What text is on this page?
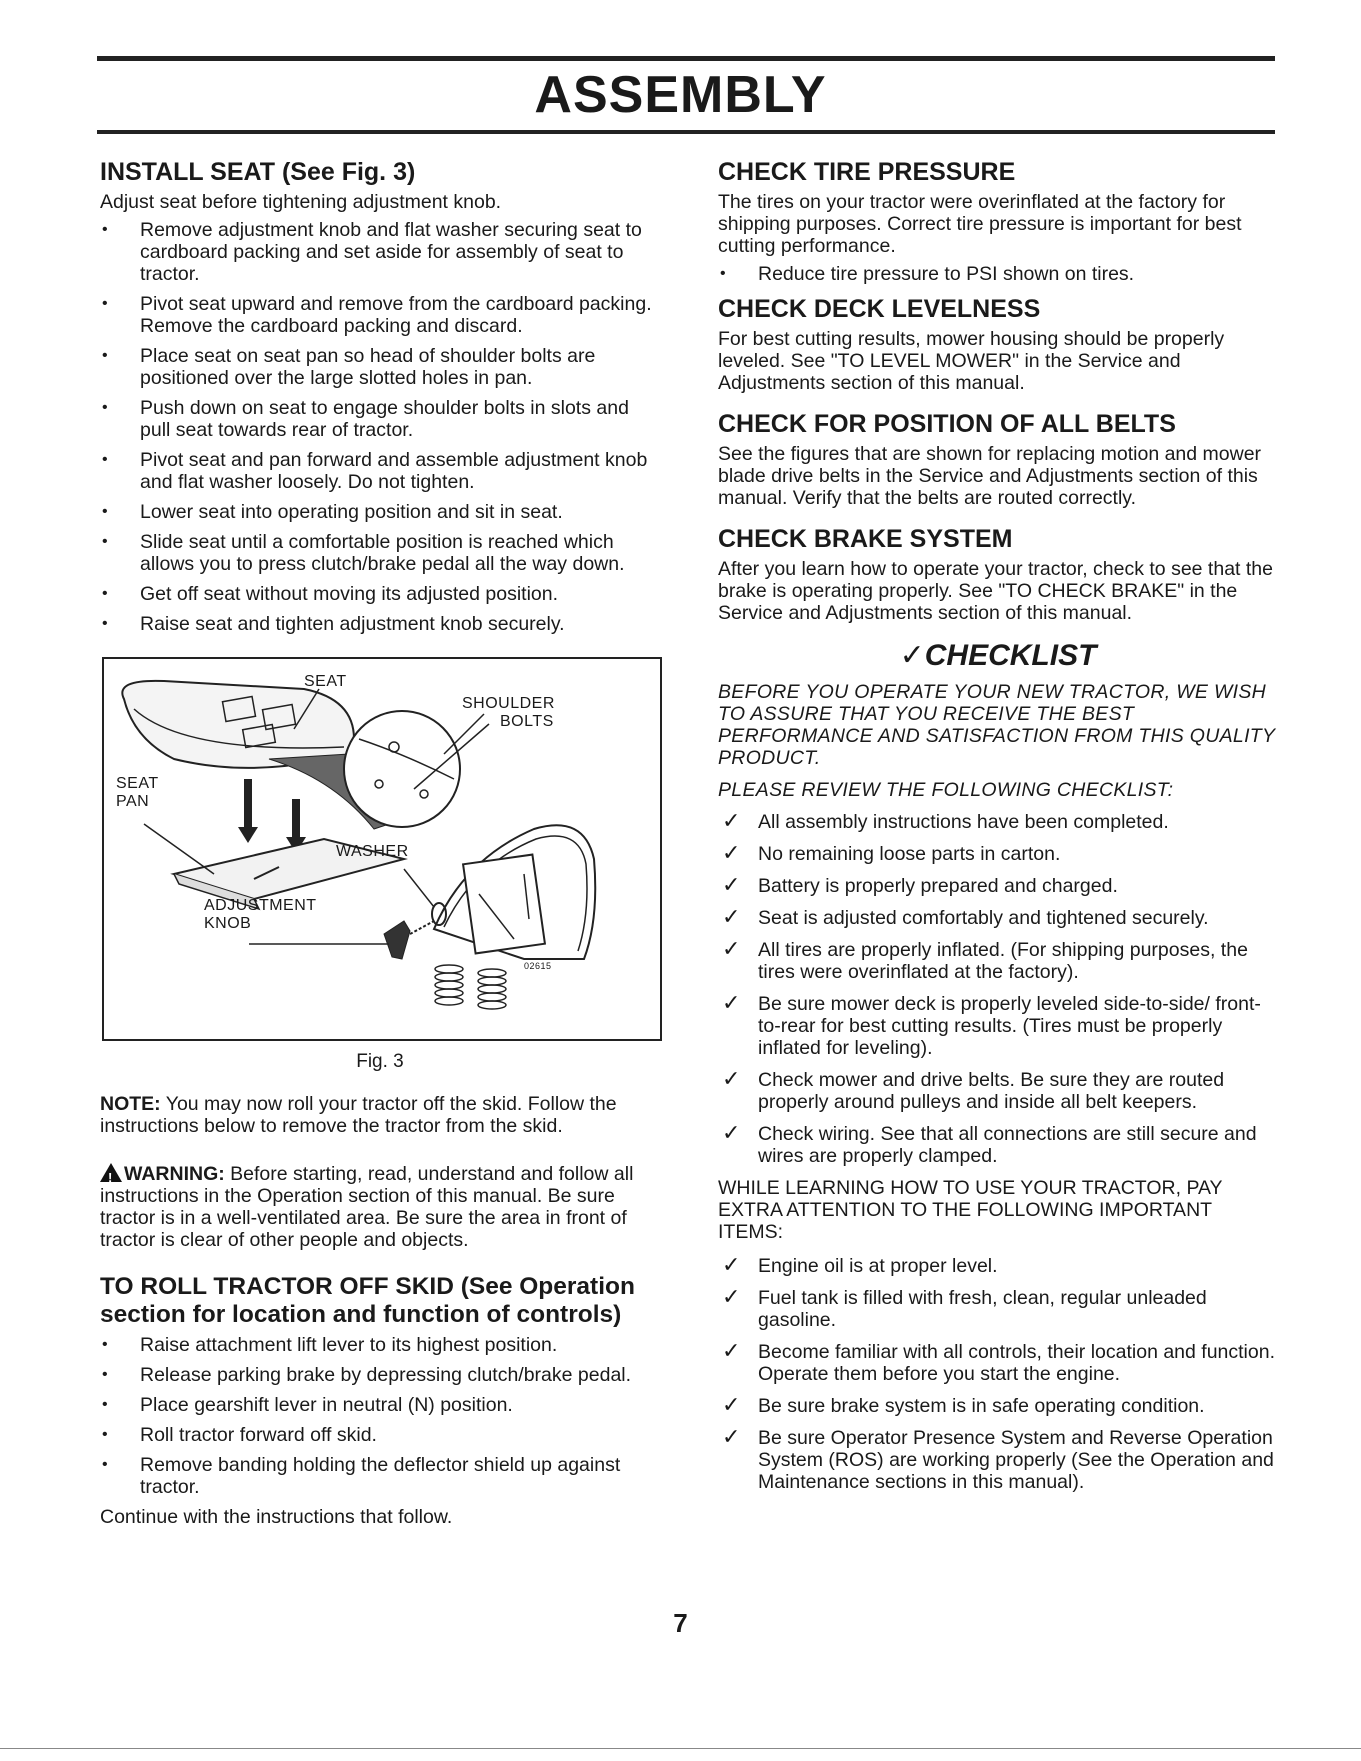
ASSEMBLY
INSTALL SEAT (See Fig. 3)

Adjust seat before tightening adjustment knob.

• Remove adjustment knob and flat washer securing seat to cardboard packing and set aside for assembly of seat to tractor.
• Pivot seat upward and remove from the cardboard packing. Remove the cardboard packing and discard.
• Place seat on seat pan so head of shoulder bolts are positioned over the large slotted holes in pan.
• Push down on seat to engage shoulder bolts in slots and pull seat towards rear of tractor.
• Pivot seat and pan forward and assemble adjustment knob and flat washer loosely. Do not tighten.
• Lower seat into operating position and sit in seat.
• Slide seat until a comfortable position is reached which allows you to press clutch/brake pedal all the way down.
• Get off seat without moving its adjusted position.
• Raise seat and tighten adjustment knob securely.
SEAT
SHOULDER
BOLTS
SEAT
PAN
WASHER
ADJUSTMENT
KNOB
02615
Fig. 3

NOTE: You may now roll your tractor off the skid. Follow the instructions below to remove the tractor from the skid.

! WARNING: Before starting, read, understand and follow all instructions in the Operation section of this manual. Be sure tractor is in a well-ventilated area. Be sure the area in front of tractor is clear of other people and objects.

TO ROLL TRACTOR OFF SKID (See Operation section for location and function of controls)
• Raise attachment lift lever to its highest position.
• Release parking brake by depressing clutch/brake pedal.
• Place gearshift lever in neutral (N) position.
• Roll tractor forward off skid.
• Remove banding holding the deflector shield up against tractor.

Continue with the instructions that follow.

CHECK TIRE PRESSURE

The tires on your tractor were overinflated at the factory for shipping purposes. Correct tire pressure is important for best cutting performance.

• Reduce tire pressure to PSI shown on tires.
CHECK DECK LEVELNESS

For best cutting results, mower housing should be properly leveled. See "TO LEVEL MOWER" in the Service and Adjustments section of this manual.

CHECK FOR POSITION OF ALL BELTS

See the figures that are shown for replacing motion and mower blade drive belts in the Service and Adjustments section of this manual. Verify that the belts are routed correctly.

CHECK BRAKE SYSTEM

After you learn how to operate your tractor, check to see that the brake is operating properly. See "TO CHECK BRAKE" in the Service and Adjustments section of this manual.

✓CHECKLIST

BEFORE YOU OPERATE YOUR NEW TRACTOR, WE WISH TO ASSURE THAT YOU RECEIVE THE BEST PERFORMANCE AND SATISFACTION FROM THIS QUALITY PRODUCT.

PLEASE REVIEW THE FOLLOWING CHECKLIST:

✓ All assembly instructions have been completed.
✓ No remaining loose parts in carton.
✓ Battery is properly prepared and charged.
✓ Seat is adjusted comfortably and tightened securely.
✓ All tires are properly inflated. (For shipping purposes, the tires were overinflated at the factory).
✓ Be sure mower deck is properly leveled side-to-side/ front-to-rear for best cutting results. (Tires must be properly inflated for leveling).
✓ Check mower and drive belts. Be sure they are routed properly around pulleys and inside all belt keepers.
✓ Check wiring. See that all connections are still secure and wires are properly clamped.

WHILE LEARNING HOW TO USE YOUR TRACTOR, PAY EXTRA ATTENTION TO THE FOLLOWING IMPORTANT ITEMS:

✓ Engine oil is at proper level.
✓ Fuel tank is filled with fresh, clean, regular unleaded gasoline.
✓ Become familiar with all controls, their location and function. Operate them before you start the engine.
✓ Be sure brake system is in safe operating condition.
✓ Be sure Operator Presence System and Reverse Operation System (ROS) are working properly (See the Operation and Maintenance sections in this manual).
7
